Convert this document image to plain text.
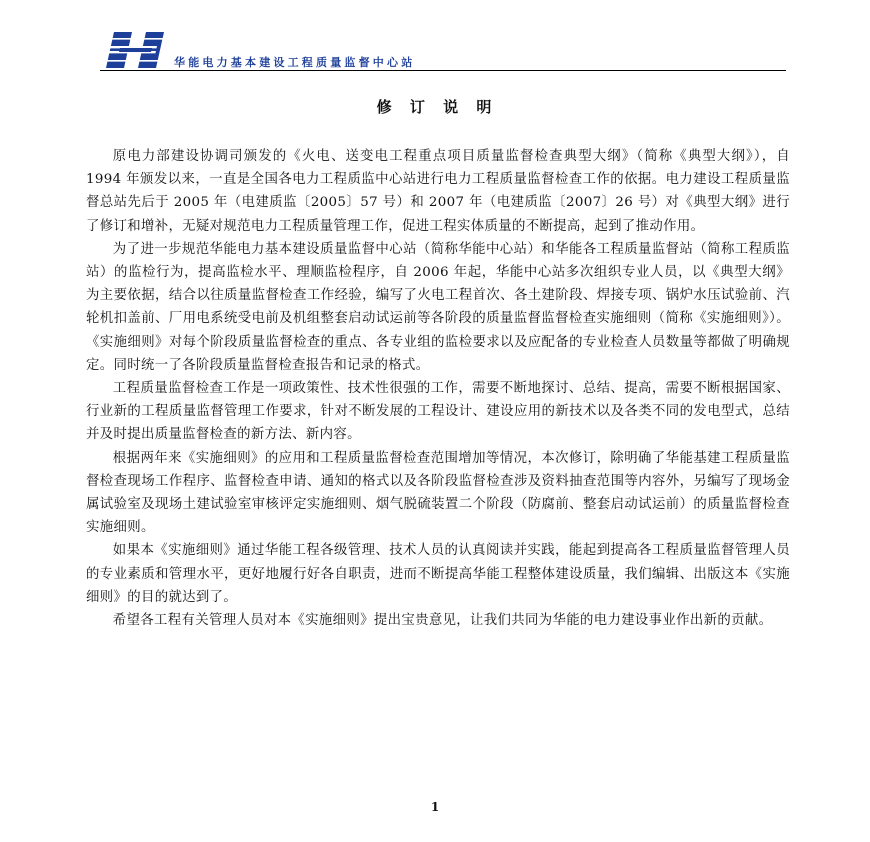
华能电力基本建设工程质量监督中心站
修 订 说 明

原电力部建设协调司颁发的《火电、送变电工程重点项目质量监督检查典型大纲》（简称《典型大纲》），自 1994 年颁发以来，一直是全国各电力工程质监中心站进行电力工程质量监督检查工作的依据。电力建设工程质量监督总站先后于 2005 年（电建质监〔2005〕57 号）和 2007 年（电建质监〔2007〕26 号）对《典型大纲》进行了修订和增补，无疑对规范电力工程质量管理工作，促进工程实体质量的不断提高，起到了推动作用。

为了进一步规范华能电力基本建设质量监督中心站（简称华能中心站）和华能各工程质量监督站（简称工程质监站）的监检行为，提高监检水平、理顺监检程序，自 2006 年起，华能中心站多次组织专业人员，以《典型大纲》为主要依据，结合以往质量监督检查工作经验，编写了火电工程首次、各土建阶段、焊接专项、锅炉水压试验前、汽轮机扣盖前、厂用电系统受电前及机组整套启动试运前等各阶段的质量监督监督检查实施细则（简称《实施细则》）。《实施细则》对每个阶段质量监督检查的重点、各专业组的监检要求以及应配备的专业检查人员数量等都做了明确规定。同时统一了各阶段质量监督检查报告和记录的格式。

工程质量监督检查工作是一项政策性、技术性很强的工作，需要不断地探讨、总结、提高，需要不断根据国家、行业新的工程质量监督管理工作要求，针对不断发展的工程设计、建设应用的新技术以及各类不同的发电型式，总结并及时提出质量监督检查的新方法、新内容。

根据两年来《实施细则》的应用和工程质量监督检查范围增加等情况，本次修订，除明确了华能基建工程质量监督检查现场工作程序、监督检查申请、通知的格式以及各阶段监督检查涉及资料抽查范围等内容外，另编写了现场金属试验室及现场土建试验室审核评定实施细则、烟气脱硫装置二个阶段（防腐前、整套启动试运前）的质量监督检查实施细则。

如果本《实施细则》通过华能工程各级管理、技术人员的认真阅读并实践，能起到提高各工程质量监督管理人员的专业素质和管理水平，更好地履行好各自职责，进而不断提高华能工程整体建设质量，我们编辑、出版这本《实施细则》的目的就达到了。

希望各工程有关管理人员对本《实施细则》提出宝贵意见，让我们共同为华能的电力建设事业作出新的贡献。

1
